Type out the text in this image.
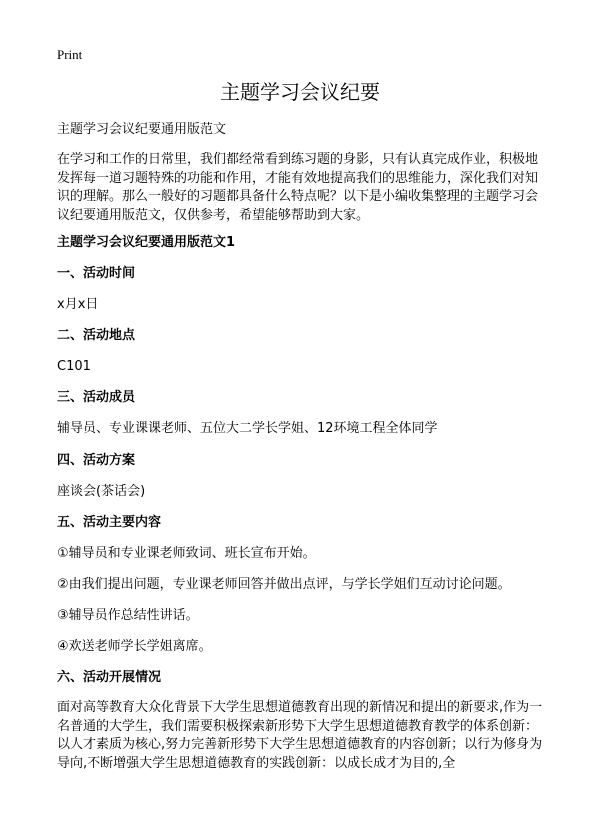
Print
主题学习会议纪要
主题学习会议纪要通用版范文

在学习和工作的日常里，我们都经常看到练习题的身影，只有认真完成作业，积极地发挥每一道习题特殊的功能和作用，才能有效地提高我们的思维能力，深化我们对知识的理解。那么一般好的习题都具备什么特点呢？以下是小编收集整理的主题学习会议纪要通用版范文，仅供参考，希望能够帮助到大家。

主题学习会议纪要通用版范文1
一、活动时间
x月x日
二、活动地点
C101
三、活动成员
辅导员、专业课课老师、五位大二学长学姐、12环境工程全体同学
四、活动方案
座谈会(茶话会)
五、活动主要内容
①辅导员和专业课老师致词、班长宣布开始。
②由我们提出问题，专业课老师回答并做出点评，与学长学姐们互动讨论问题。
③辅导员作总结性讲话。
④欢送老师学长学姐离席。
六、活动开展情况

面对高等教育大众化背景下大学生思想道德教育出现的新情况和提出的新要求,作为一名普通的大学生，我们需要积极探索新形势下大学生思想道德教育教学的体系创新：以人才素质为核心,努力完善新形势下大学生思想道德教育的内容创新；以行为修身为导向,不断增强大学生思想道德教育的实践创新：以成长成才为目的,全
